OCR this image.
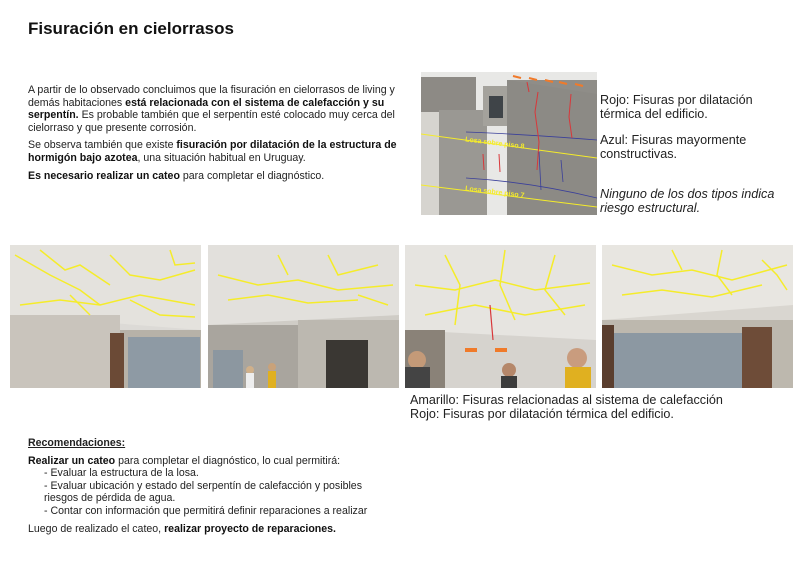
Fisuración en cielorrasos

A partir de lo observado concluimos que la fisuración en cielorrasos de living y demás habitaciones está relacionada con el sistema de calefacción y su serpentín. Es probable también que el serpentín esté colocado muy cerca del cielorraso y que presente corrosión.

Se observa también que existe fisuración por dilatación de la estructura de hormigón bajo azotea, una situación habitual en Uruguay.

Es necesario realizar un cateo para completar el diagnóstico.

Losa sobre piso 8
Losa sobre piso 7
Rojo: Fisuras por dilatación térmica del edificio.
Azul: Fisuras mayormente constructivas.
Ninguno de los dos tipos indica riesgo estructural.
Amarillo: Fisuras relacionadas al sistema de calefacción
Rojo: Fisuras por dilatación térmica del edificio.
Recomendaciones:

Realizar un cateo para completar el diagnóstico, lo cual permitirá:

- Evaluar la estructura de la losa.

- Evaluar ubicación y estado del serpentín de calefacción y posibles

riesgos de pérdida de agua.

- Contar con información que permitirá definir reparaciones a realizar

Luego de realizado el cateo, realizar proyecto de reparaciones.
